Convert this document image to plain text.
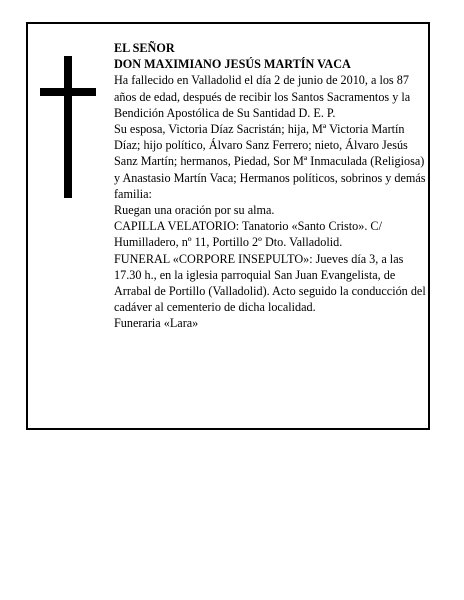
EL SEÑOR

DON MAXIMIANO JESÚS MARTÍN VACA

Ha fallecido en Valladolid el día 2 de junio de 2010, a los 87 años de edad, después de recibir los Santos Sacramentos y la Bendición Apostólica de Su Santidad D. E. P.

Su esposa, Victoria Díaz Sacristán; hija, Mª Victoria Martín Díaz; hijo político, Álvaro Sanz Ferrero; nieto, Álvaro Jesús Sanz Martín; hermanos, Piedad, Sor Mª Inmaculada (Religiosa) y Anastasio Martín Vaca; Hermanos políticos, sobrinos y demás familia:

Ruegan una oración por su alma.

CAPILLA VELATORIO: Tanatorio «Santo Cristo». C/ Humilladero, nº 11, Portillo 2º Dto. Valladolid.

FUNERAL «CORPORE INSEPULTO»: Jueves día 3, a las 17.30 h., en la iglesia parroquial San Juan Evangelista, de Arrabal de Portillo (Valladolid). Acto seguido la conducción del cadáver al cementerio de dicha localidad.

Funeraria «Lara»
